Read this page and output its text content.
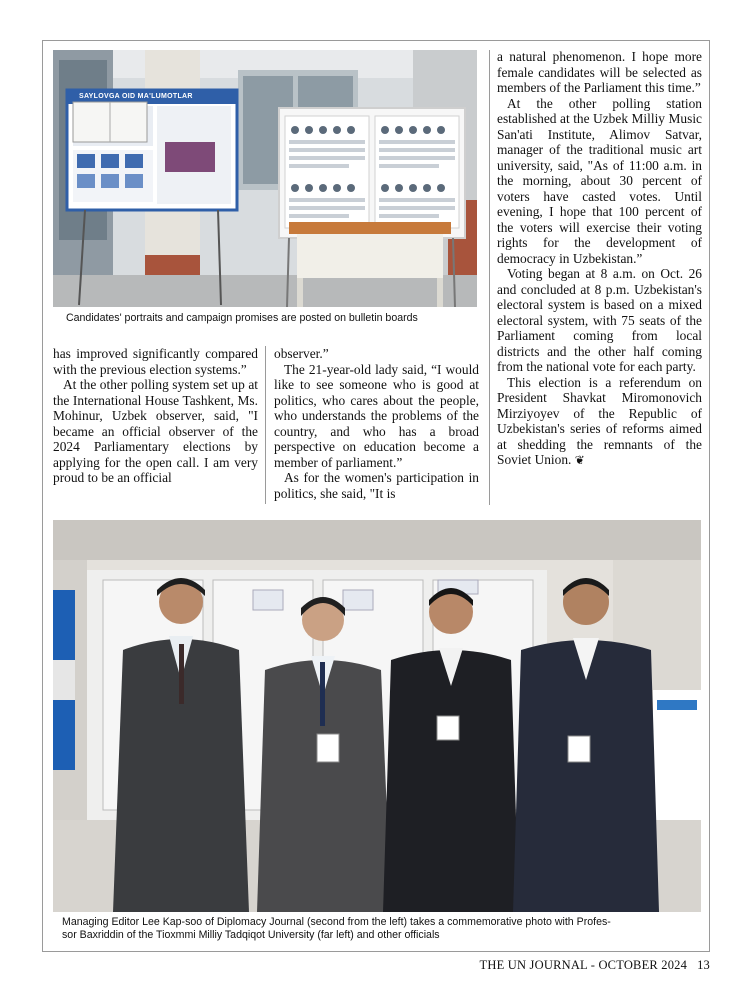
SAYLOVGA OID MA'LUMOTLAR
Candidates' portraits and campaign promises are posted on bulletin boards

a natural phenomenon. I hope more female candidates will be selected as members of the Parliament this time.”

At the other polling station established at the Uzbek Milliy Music San'ati Institute, Alimov Satvar, manager of the traditional music art university, said, "As of 11:00 a.m. in the morning, about 30 percent of voters have casted votes. Until evening, I hope that 100 percent of the voters will exercise their voting rights for the development of democracy in Uzbekistan.”

Voting began at 8 a.m. on Oct. 26 and concluded at 8 p.m. Uzbekistan's electoral system is based on a mixed electoral system, with 75 seats of the Parliament coming from local districts and the other half coming from the national vote for each party.

This election is a referendum on President Shavkat Miromonovich Mirziyoyev of the Republic of Uzbekistan's series of reforms aimed at shedding the remnants of the Soviet Union. ❦

has improved significantly compared with the previous election systems.”

At the other polling system set up at the International House Tashkent, Ms. Mohinur, Uzbek observer, said, "I became an official observer of the 2024 Parliamentary elections by applying for the open call. I am very proud to be an official

observer.”

The 21-year-old lady said, “I would like to see someone who is good at politics, who cares about the people, who understands the problems of the country, and who has a broad perspective on education become a member of parliament.”

As for the women's participation in politics, she said, "It is

Managing Editor Lee Kap-soo of Diplomacy Journal (second from the left) takes a commemorative photo with Profes-
sor Baxriddin of the Tioxmmi Milliy Tadqiqot University (far left) and other officials
THE UN JOURNAL - OCTOBER 2024 13
